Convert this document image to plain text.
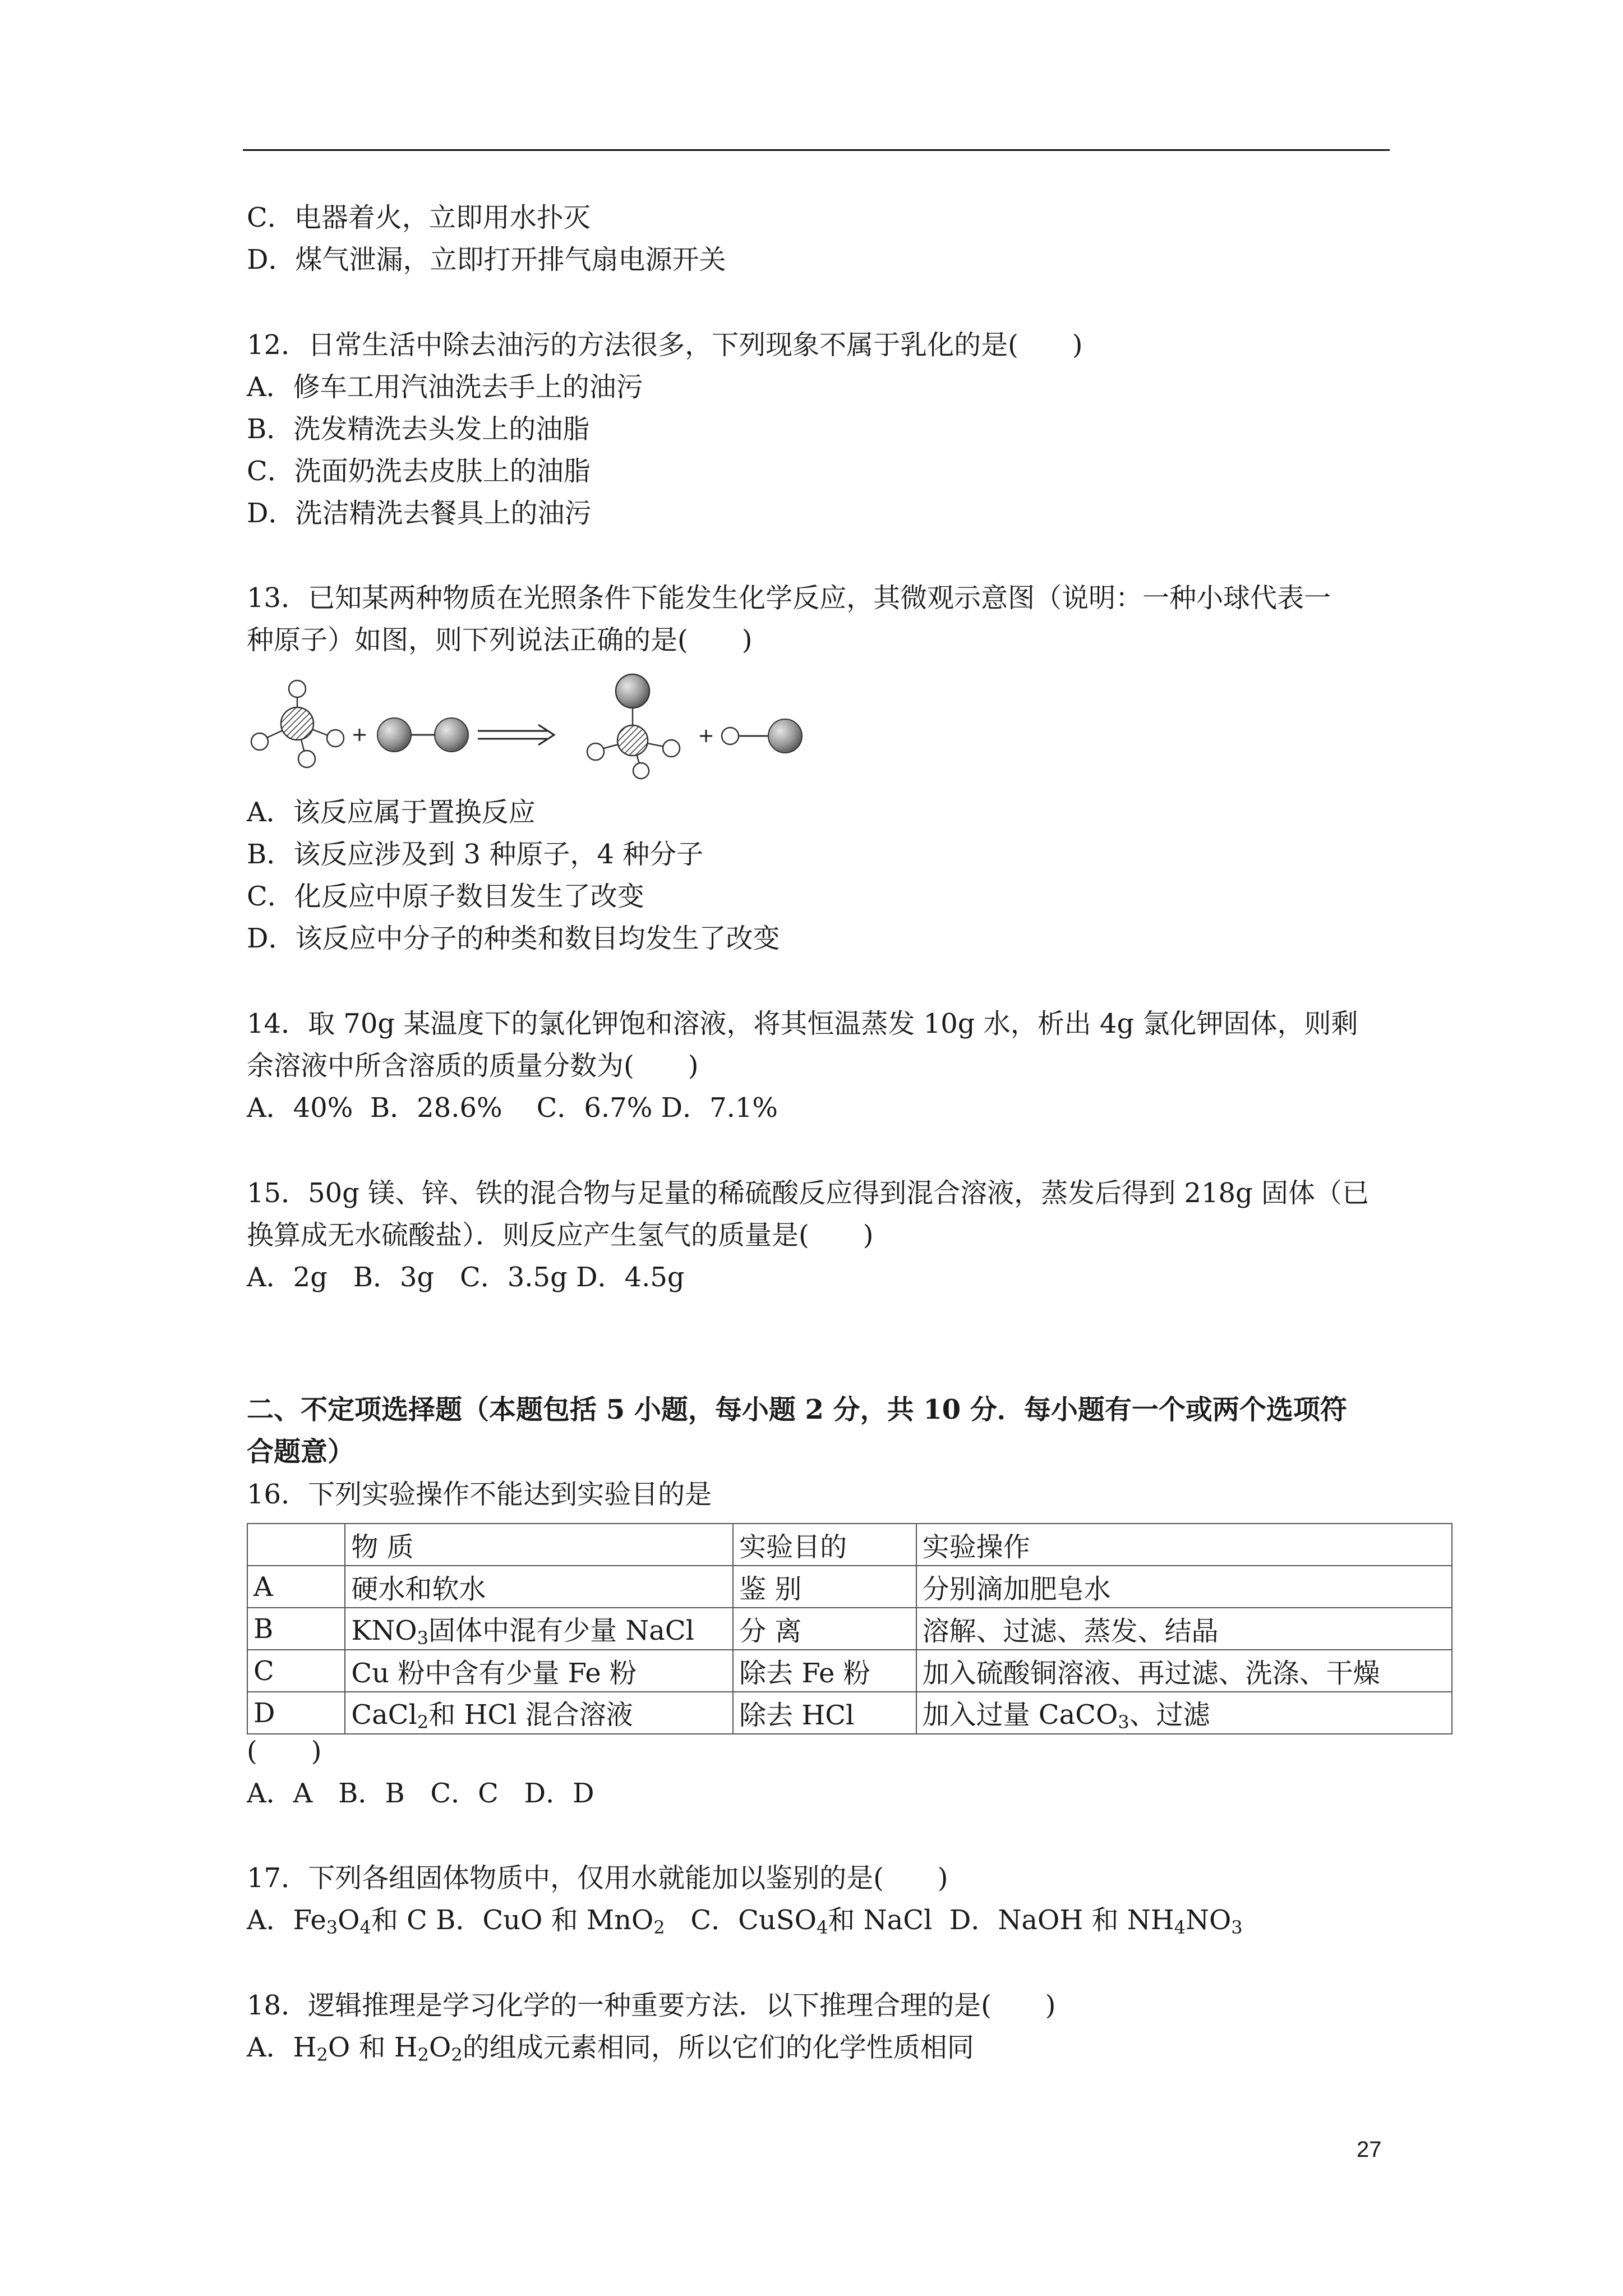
C．电器着火，立即用水扑灭
D．煤气泄漏，立即打开排气扇电源开关
12．日常生活中除去油污的方法很多，下列现象不属于乳化的是(　　)
A．修车工用汽油洗去手上的油污
B．洗发精洗去头发上的油脂
C．洗面奶洗去皮肤上的油脂
D．洗洁精洗去餐具上的油污
13．已知某两种物质在光照条件下能发生化学反应，其微观示意图（说明：一种小球代表一
种原子）如图，则下列说法正确的是(　　)
A．该反应属于置换反应
B．该反应涉及到 3 种原子，4 种分子
C．化反应中原子数目发生了改变
D．该反应中分子的种类和数目均发生了改变
14．取 70g 某温度下的氯化钾饱和溶液，将其恒温蒸发 10g 水，析出 4g 氯化钾固体，则剩
余溶液中所含溶质的质量分数为(　　)
A．40%  B．28.6%    C．6.7% D．7.1%
15．50g 镁、锌、铁的混合物与足量的稀硫酸反应得到混合溶液，蒸发后得到 218g 固体（已
换算成无水硫酸盐）．则反应产生氢气的质量是(　　)
A．2g   B．3g   C．3.5g D．4.5g
二、不定项选择题（本题包括 5 小题，每小题 2 分，共 10 分．每小题有一个或两个选项符
合题意）
16．下列实验操作不能达到实验目的是
	物 质	实验目的	实验操作
A	硬水和软水	鉴 别	分别滴加肥皂水
B	$KNO_3$固体中混有少量 NaCl	分 离	溶解、过滤、蒸发、结晶
C	Cu 粉中含有少量 Fe 粉	除去 Fe 粉	加入硫酸铜溶液、再过滤、洗涤、干燥
D	CaCl$_2$和 HCl 混合溶液	除去 HCl	加入过量 CaCO$_3$、过滤
(　　)
A．A   B．B   C．C   D．D
17．下列各组固体物质中，仅用水就能加以鉴别的是(　　)
A．$Fe_3O_4$和 C B．CuO 和 MnO$_2$   C．CuSO$_4$和 NaCl  D．NaOH 和 $NH_4NO_3$
18．逻辑推理是学习化学的一种重要方法．以下推理合理的是(　　)
A．$H_2O$ 和 $H_2O_2$的组成元素相同，所以它们的化学性质相同
27
